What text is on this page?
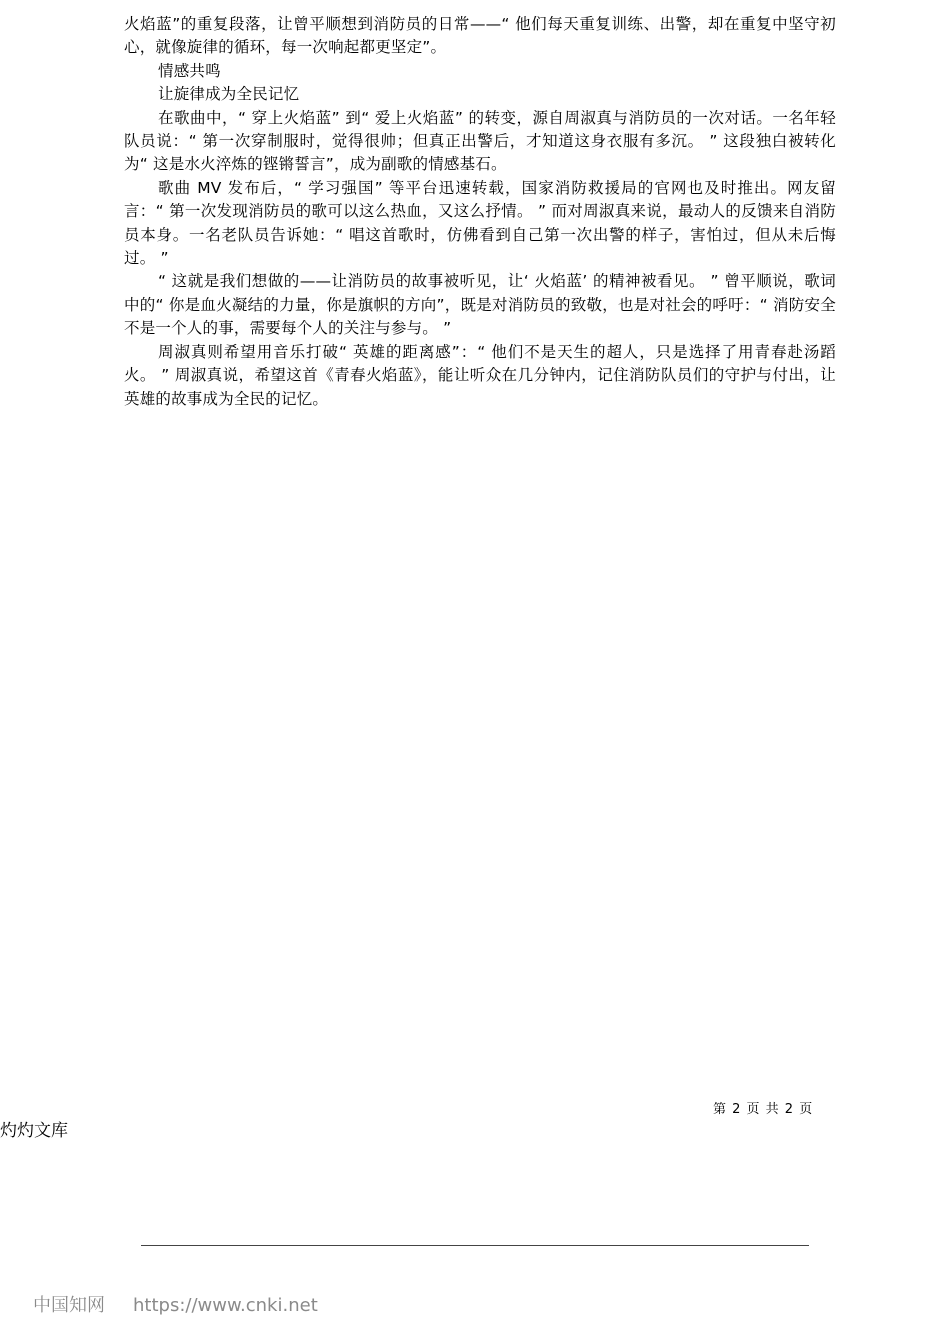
火焰蓝”的重复段落，让曾平顺想到消防员的日常——“ 他们每天重复训练、出警，却在重复中坚守初心，就像旋律的循环，每一次响起都更坚定”。

情感共鸣

让旋律成为全民记忆

在歌曲中，“ 穿上火焰蓝” 到“ 爱上火焰蓝” 的转变，源自周淑真与消防员的一次对话。一名年轻队员说：“ 第一次穿制服时，觉得很帅；但真正出警后，才知道这身衣服有多沉。 ” 这段独白被转化为“ 这是水火淬炼的铿锵誓言”，成为副歌的情感基石。

歌曲 MV 发布后，“ 学习强国” 等平台迅速转载，国家消防救援局的官网也及时推出。网友留言：“ 第一次发现消防员的歌可以这么热血，又这么抒情。 ” 而对周淑真来说，最动人的反馈来自消防员本身。一名老队员告诉她：“ 唱这首歌时，仿佛看到自己第一次出警的样子，害怕过，但从未后悔过。 ”

“ 这就是我们想做的——让消防员的故事被听见，让‘ 火焰蓝’ 的精神被看见。 ” 曾平顺说，歌词中的“ 你是血火凝结的力量，你是旗帜的方向”，既是对消防员的致敬，也是对社会的呼吁：“ 消防安全不是一个人的事，需要每个人的关注与参与。 ”

周淑真则希望用音乐打破“ 英雄的距离感”：“ 他们不是天生的超人，只是选择了用青春赴汤蹈火。 ” 周淑真说，希望这首《青春火焰蓝》，能让听众在几分钟内，记住消防队员们的守护与付出，让英雄的故事成为全民的记忆。

第 2 页 共 2 页
灼灼文库
中国知网 https://www.cnki.net
